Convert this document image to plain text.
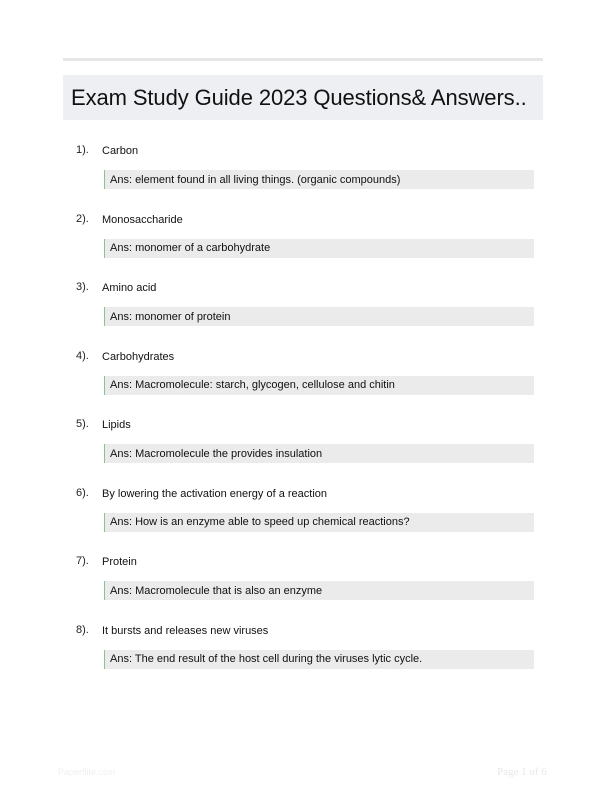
Exam Study Guide 2023 Questions& Answers..
1). Carbon
Ans: element found in all living things. (organic compounds)
2). Monosaccharide
Ans: monomer of a carbohydrate
3). Amino acid
Ans: monomer of protein
4). Carbohydrates
Ans: Macromolecule: starch, glycogen, cellulose and chitin
5). Lipids
Ans: Macromolecule the provides insulation
6). By lowering the activation energy of a reaction
Ans: How is an enzyme able to speed up chemical reactions?
7). Protein
Ans: Macromolecule that is also an enzyme
8). It bursts and releases new viruses
Ans: The end result of the host cell during the viruses lytic cycle.
Paperflite.com	Page 1 of 6
